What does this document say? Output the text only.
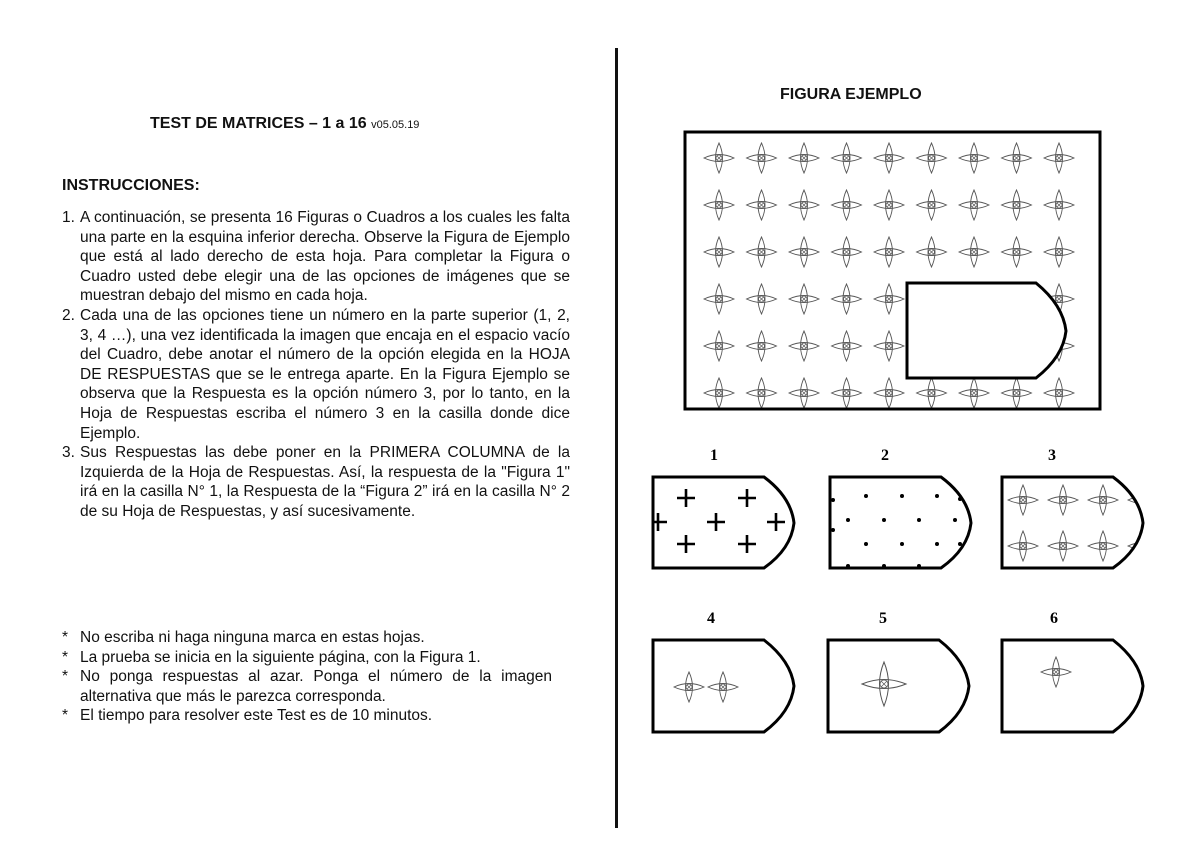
TEST DE MATRICES – 1 a 16 v05.05.19
INSTRUCCIONES:
1. A continuación, se presenta 16 Figuras o Cuadros a los cuales les falta una parte en la esquina inferior derecha. Observe la Figura de Ejemplo que está al lado derecho de esta hoja. Para completar la Figura o Cuadro usted debe elegir una de las opciones de imágenes que se muestran debajo del mismo en cada hoja.
2. Cada una de las opciones tiene un número en la parte superior (1, 2, 3, 4 …), una vez identificada la imagen que encaja en el espacio vacío del Cuadro, debe anotar el número de la opción elegida en la HOJA DE RESPUESTAS que se le entrega aparte. En la Figura Ejemplo se observa que la Respuesta es la opción número 3, por lo tanto, en la Hoja de Respuestas escriba el número 3 en la casilla donde dice Ejemplo.
3. Sus Respuestas las debe poner en la PRIMERA COLUMNA de la Izquierda de la Hoja de Respuestas. Así, la respuesta de la "Figura 1" irá en la casilla N° 1, la Respuesta de la “Figura 2” irá en la casilla N° 2 de su Hoja de Respuestas, y así sucesivamente.
* No escriba ni haga ninguna marca en estas hojas.
* La prueba se inicia en la siguiente página, con la Figura 1.
* No ponga respuestas al azar. Ponga el número de la imagen alternativa que más le parezca corresponda.
* El tiempo para resolver este Test es de 10 minutos.
FIGURA EJEMPLO
1	2	3
4	5	6
